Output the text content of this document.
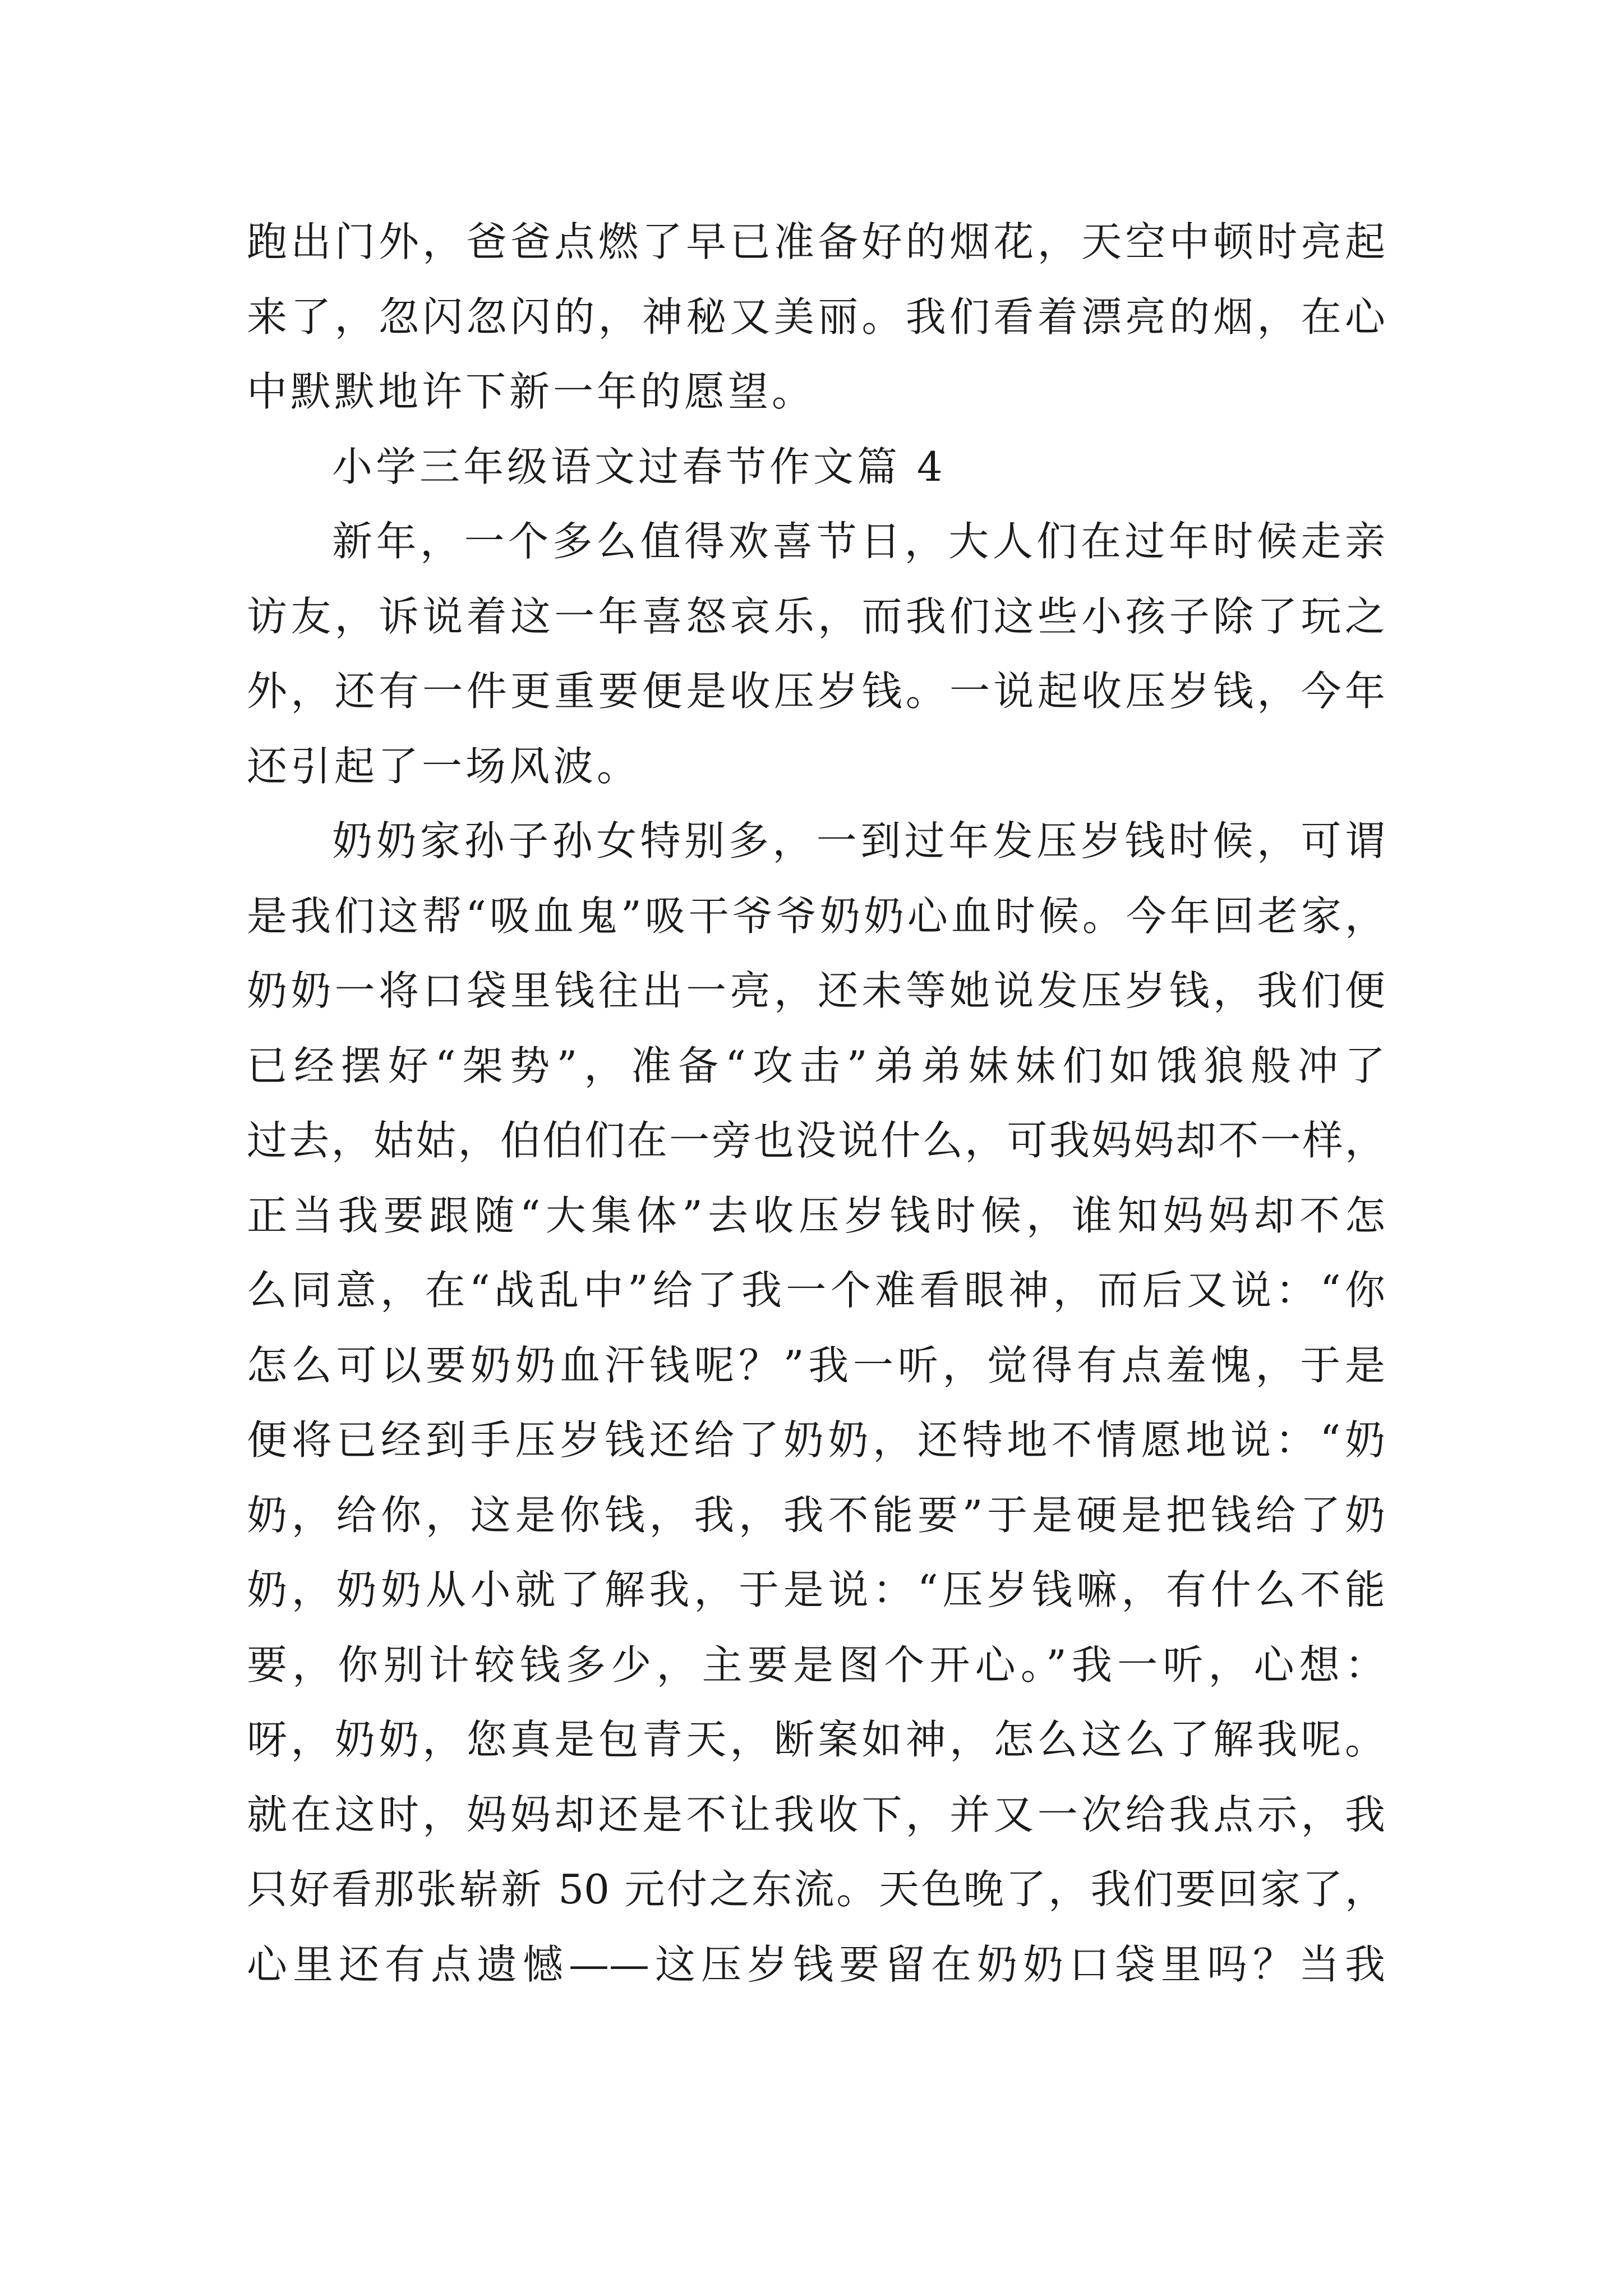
跑出门外，爸爸点燃了早已准备好的烟花，天空中顿时亮起
来了，忽闪忽闪的，神秘又美丽。我们看着漂亮的烟，在心
中默默地许下新一年的愿望。
小学三年级语文过春节作文篇 4
新年，一个多么值得欢喜节日，大人们在过年时候走亲
访友，诉说着这一年喜怒哀乐，而我们这些小孩子除了玩之
外，还有一件更重要便是收压岁钱。一说起收压岁钱，今年
还引起了一场风波。
奶奶家孙子孙女特别多，一到过年发压岁钱时候，可谓
是我们这帮“吸血鬼”吸干爷爷奶奶心血时候。今年回老家，
奶奶一将口袋里钱往出一亮，还未等她说发压岁钱，我们便
已经摆好“架势”，准备“攻击”弟弟妹妹们如饿狼般冲了
过去，姑姑，伯伯们在一旁也没说什么，可我妈妈却不一样，
正当我要跟随“大集体”去收压岁钱时候，谁知妈妈却不怎
么同意，在“战乱中”给了我一个难看眼神，而后又说：“你
怎么可以要奶奶血汗钱呢？”我一听，觉得有点羞愧，于是
便将已经到手压岁钱还给了奶奶，还特地不情愿地说：“奶
奶，给你，这是你钱，我，我不能要”于是硬是把钱给了奶
奶，奶奶从小就了解我，于是说：“压岁钱嘛，有什么不能
要，你别计较钱多少，主要是图个开心。”我一听，心想：
呀，奶奶，您真是包青天，断案如神，怎么这么了解我呢。
就在这时，妈妈却还是不让我收下，并又一次给我点示，我
只好看那张崭新 50 元付之东流。天色晚了，我们要回家了，
心里还有点遗憾——这压岁钱要留在奶奶口袋里吗？当我
